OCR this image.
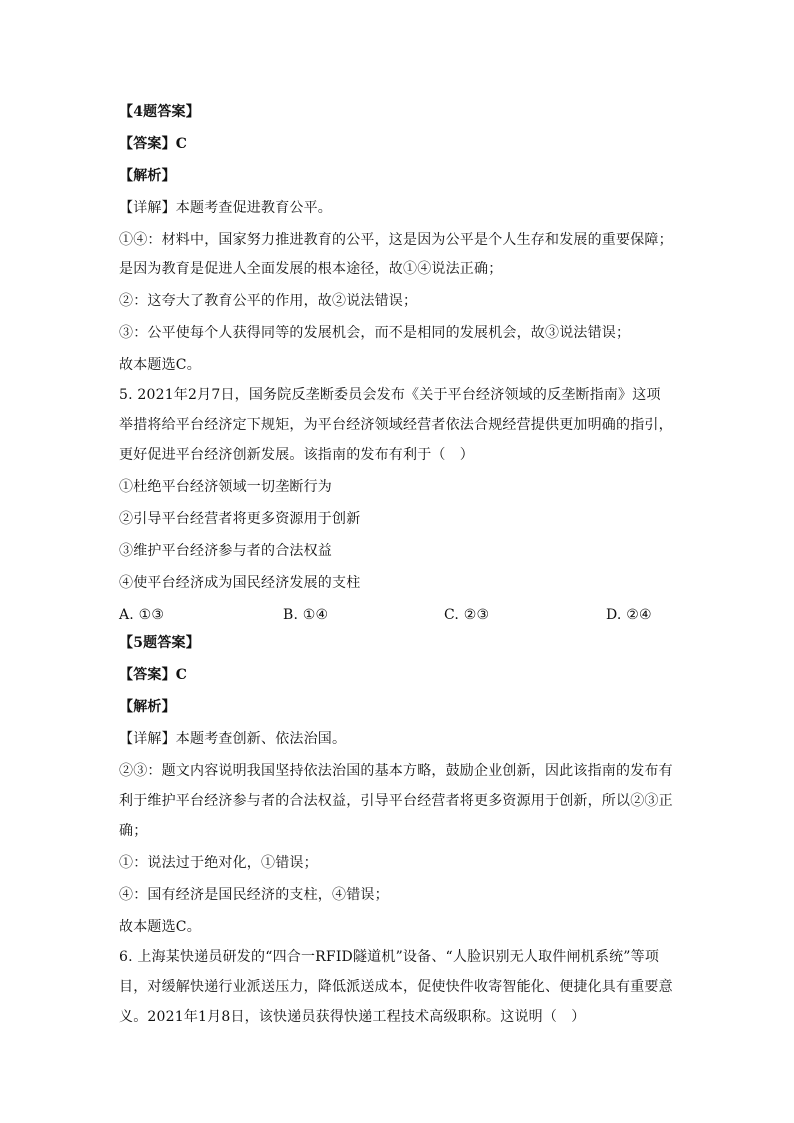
【4题答案】
【答案】C
【解析】
【详解】本题考查促进教育公平。
①④：材料中，国家努力推进教育的公平，这是因为公平是个人生存和发展的重要保障；
是因为教育是促进人全面发展的根本途径，故①④说法正确；
②：这夸大了教育公平的作用，故②说法错误；
③：公平使每个人获得同等的发展机会，而不是相同的发展机会，故③说法错误；
故本题选C。
5. 2021年2月7日，国务院反垄断委员会发布《关于平台经济领域的反垄断指南》这项
举措将给平台经济定下规矩，为平台经济领域经营者依法合规经营提供更加明确的指引，
更好促进平台经济创新发展。该指南的发布有利于（　）
①杜绝平台经济领域一切垄断行为
②引导平台经营者将更多资源用于创新
③维护平台经济参与者的合法权益
④使平台经济成为国民经济发展的支柱
A. ①③	B. ①④	C. ②③	D. ②④
【5题答案】
【答案】C
【解析】
【详解】本题考查创新、依法治国。
②③：题文内容说明我国坚持依法治国的基本方略，鼓励企业创新，因此该指南的发布有
利于维护平台经济参与者的合法权益，引导平台经营者将更多资源用于创新，所以②③正
确；
①：说法过于绝对化，①错误；
④：国有经济是国民经济的支柱，④错误；
故本题选C。
6. 上海某快递员研发的“四合一RFID隧道机”设备、“人脸识别无人取件闸机系统”等项
目，对缓解快递行业派送压力，降低派送成本，促使快件收寄智能化、便捷化具有重要意
义。2021年1月8日，该快递员获得快递工程技术高级职称。这说明（　）
